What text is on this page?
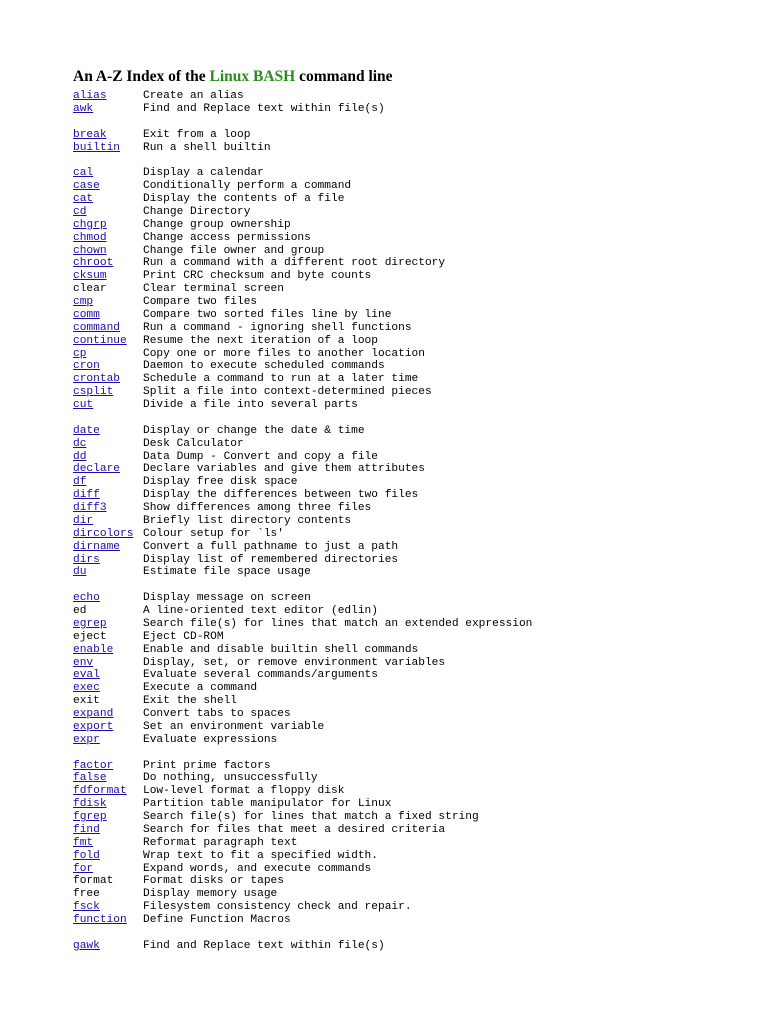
An A-Z Index of the Linux BASH command line
alias	Create an alias
awk	Find and Replace text within file(s)
break	Exit from a loop
builtin	Run a shell builtin
cal	Display a calendar
case	Conditionally perform a command
cat	Display the contents of a file
cd	Change Directory
chgrp	Change group ownership
chmod	Change access permissions
chown	Change file owner and group
chroot	Run a command with a different root directory
cksum	Print CRC checksum and byte counts
clear	Clear terminal screen
cmp	Compare two files
comm	Compare two sorted files line by line
command	Run a command - ignoring shell functions
continue	Resume the next iteration of a loop
cp	Copy one or more files to another location
cron	Daemon to execute scheduled commands
crontab	Schedule a command to run at a later time
csplit	Split a file into context-determined pieces
cut	Divide a file into several parts
date	Display or change the date & time
dc	Desk Calculator
dd	Data Dump - Convert and copy a file
declare	Declare variables and give them attributes
df	Display free disk space
diff	Display the differences between two files
diff3	Show differences among three files
dir	Briefly list directory contents
dircolors Colour setup for `ls'
dirname	Convert a full pathname to just a path
dirs	Display list of remembered directories
du	Estimate file space usage
echo	Display message on screen
ed	A line-oriented text editor (edlin)
egrep	Search file(s) for lines that match an extended expression
eject	Eject CD-ROM
enable	Enable and disable builtin shell commands
env	Display, set, or remove environment variables
eval	Evaluate several commands/arguments
exec	Execute a command
exit	Exit the shell
expand	Convert tabs to spaces
export	Set an environment variable
expr	Evaluate expressions
factor	Print prime factors
false	Do nothing, unsuccessfully
fdformat	Low-level format a floppy disk
fdisk	Partition table manipulator for Linux
fgrep	Search file(s) for lines that match a fixed string
find	Search for files that meet a desired criteria
fmt	Reformat paragraph text
fold	Wrap text to fit a specified width.
for	Expand words, and execute commands
format	Format disks or tapes
free	Display memory usage
fsck	Filesystem consistency check and repair.
function	Define Function Macros
gawk	Find and Replace text within file(s)
